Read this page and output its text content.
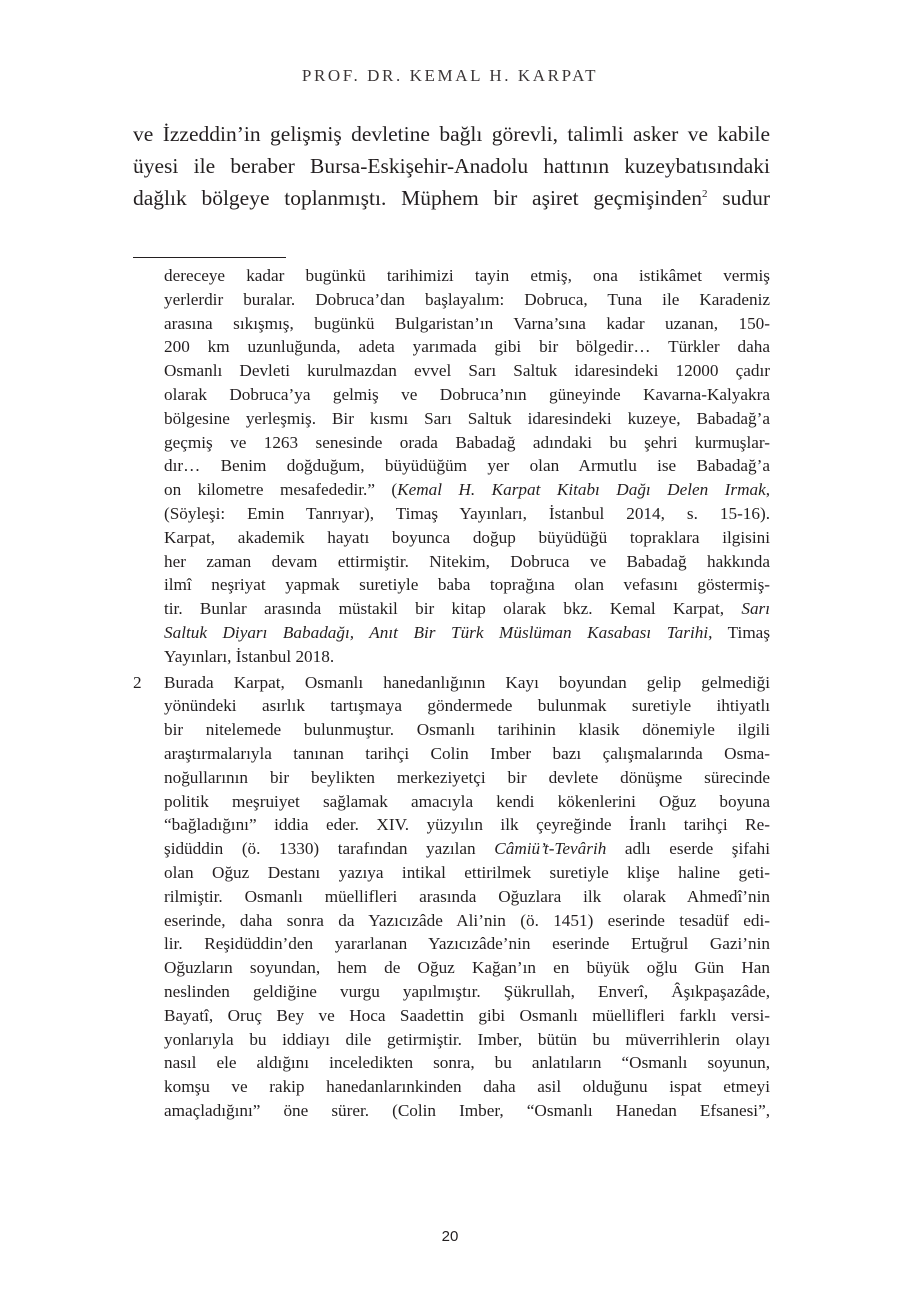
PROF. DR. KEMAL H. KARPAT
ve İzzeddin’in gelişmiş devletine bağlı görevli, talimli asker ve kabile
üyesi ile beraber Bursa-Eskişehir-Anadolu hattının kuzeybatısındaki
dağlık bölgeye toplanmıştı. Müphem bir aşiret geçmişinden$^2$ sudur
dereceye kadar bugünkü tarihimizi tayin etmiş, ona istikâmet vermiş
yerlerdir buralar. Dobruca’dan başlayalım: Dobruca, Tuna ile Karadeniz
arasına sıkışmış, bugünkü Bulgaristan’ın Varna’sına kadar uzanan, 150-
200 km uzunluğunda, adeta yarımada gibi bir bölgedir… Türkler daha
Osmanlı Devleti kurulmazdan evvel Sarı Saltuk idaresindeki 12000 çadır
olarak Dobruca’ya gelmiş ve Dobruca’nın güneyinde Kavarna-Kalyakra
bölgesine yerleşmiş. Bir kısmı Sarı Saltuk idaresindeki kuzeye, Babadağ’a
geçmiş ve 1263 senesinde orada Babadağ adındaki bu şehri kurmuşlar-
dır… Benim doğduğum, büyüdüğüm yer olan Armutlu ise Babadağ’a
on kilometre mesafededir.” (Kemal H. Karpat Kitabı Dağı Delen Irmak,
(Söyleşi: Emin Tanrıyar), Timaş Yayınları, İstanbul 2014, s. 15-16).
Karpat, akademik hayatı boyunca doğup büyüdüğü topraklara ilgisini
her zaman devam ettirmiştir. Nitekim, Dobruca ve Babadağ hakkında
ilmî neşriyat yapmak suretiyle baba toprağına olan vefasını göstermiş-
tir. Bunlar arasında müstakil bir kitap olarak bkz. Kemal Karpat, Sarı
Saltuk Diyarı Babadağı, Anıt Bir Türk Müslüman Kasabası Tarihi, Timaş
Yayınları, İstanbul 2018.
2 Burada Karpat, Osmanlı hanedanlığının Kayı boyundan gelip gelmediği
yönündeki asırlık tartışmaya göndermede bulunmak suretiyle ihtiyatlı
bir nitelemede bulunmuştur. Osmanlı tarihinin klasik dönemiyle ilgili
araştırmalarıyla tanınan tarihçi Colin Imber bazı çalışmalarında Osma-
noğullarının bir beylikten merkeziyetçi bir devlete dönüşme sürecinde
politik meşruiyet sağlamak amacıyla kendi kökenlerini Oğuz boyuna
“bağladığını” iddia eder. XIV. yüzyılın ilk çeyreğinde İranlı tarihçi Re-
şidüddin (ö. 1330) tarafından yazılan Câmiü’t-Tevârih adlı eserde şifahi
olan Oğuz Destanı yazıya intikal ettirilmek suretiyle klişe haline geti-
rilmiştir. Osmanlı müellifleri arasında Oğuzlara ilk olarak Ahmedî’nin
eserinde, daha sonra da Yazıcızâde Ali’nin (ö. 1451) eserinde tesadüf edi-
lir. Reşidüddin’den yararlanan Yazıcızâde’nin eserinde Ertuğrul Gazi’nin
Oğuzların soyundan, hem de Oğuz Kağan’ın en büyük oğlu Gün Han
neslinden geldiğine vurgu yapılmıştır. Şükrullah, Enverî, Âşıkpaşazâde,
Bayatî, Oruç Bey ve Hoca Saadettin gibi Osmanlı müellifleri farklı versi-
yonlarıyla bu iddiayı dile getirmiştir. Imber, bütün bu müverrihlerin olayı
nasıl ele aldığını inceledikten sonra, bu anlatıların “Osmanlı soyunun,
komşu ve rakip hanedanlarınkinden daha asil olduğunu ispat etmeyi
amaçladığını” öne sürer. (Colin Imber, “Osmanlı Hanedan Efsanesi”,
20
